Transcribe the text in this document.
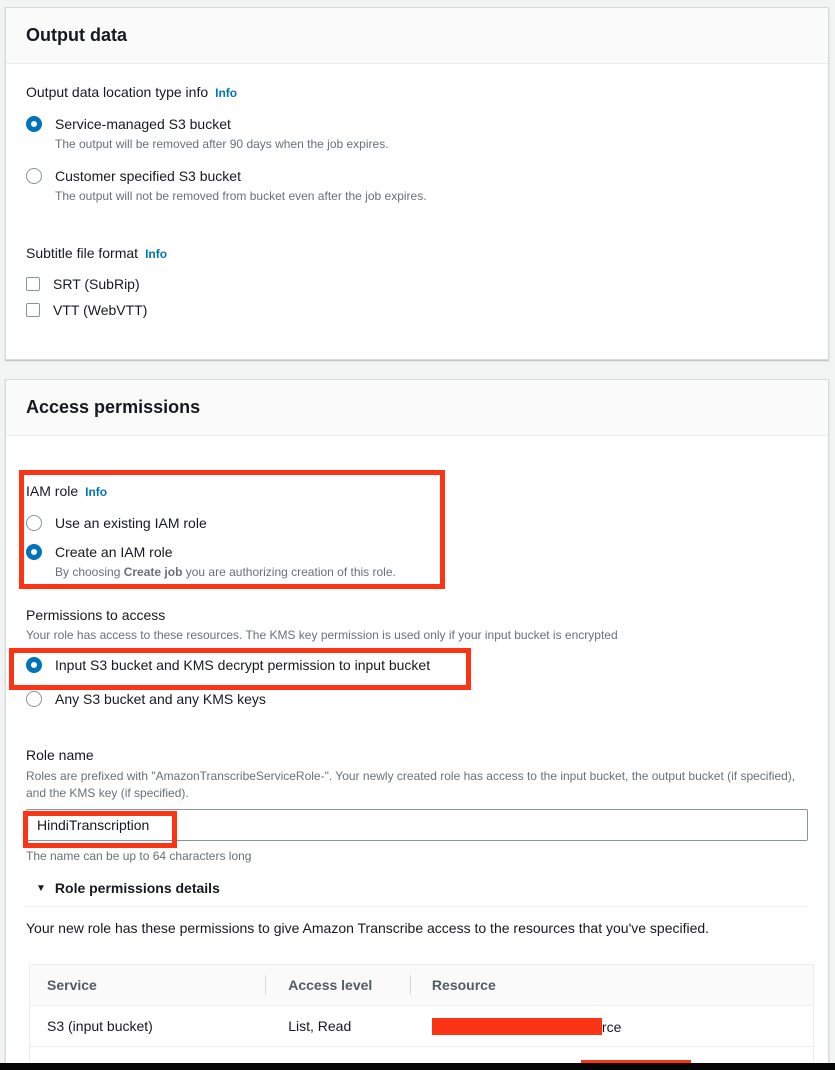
Output data
Output data location type info Info
Service-managed S3 bucket
The output will be removed after 90 days when the job expires.
Customer specified S3 bucket
The output will not be removed from bucket even after the job expires.
Subtitle file format Info
SRT (SubRip)
VTT (WebVTT)
Access permissions
IAM role Info
Use an existing IAM role
Create an IAM role
By choosing Create job you are authorizing creation of this role.
Permissions to access
Your role has access to these resources. The KMS key permission is used only if your input bucket is encrypted
Input S3 bucket and KMS decrypt permission to input bucket
Any S3 bucket and any KMS keys
Role name
Roles are prefixed with "AmazonTranscribeServiceRole-". Your newly created role has access to the input bucket, the output bucket (if specified), and the KMS key (if specified).
HindiTranscription
The name can be up to 64 characters long
▼ Role permissions details
Your new role has these permissions to give Amazon Transcribe access to the resources that you've specified.
Service	Access level	Resource
S3 (input bucket)	List, Read	rce
